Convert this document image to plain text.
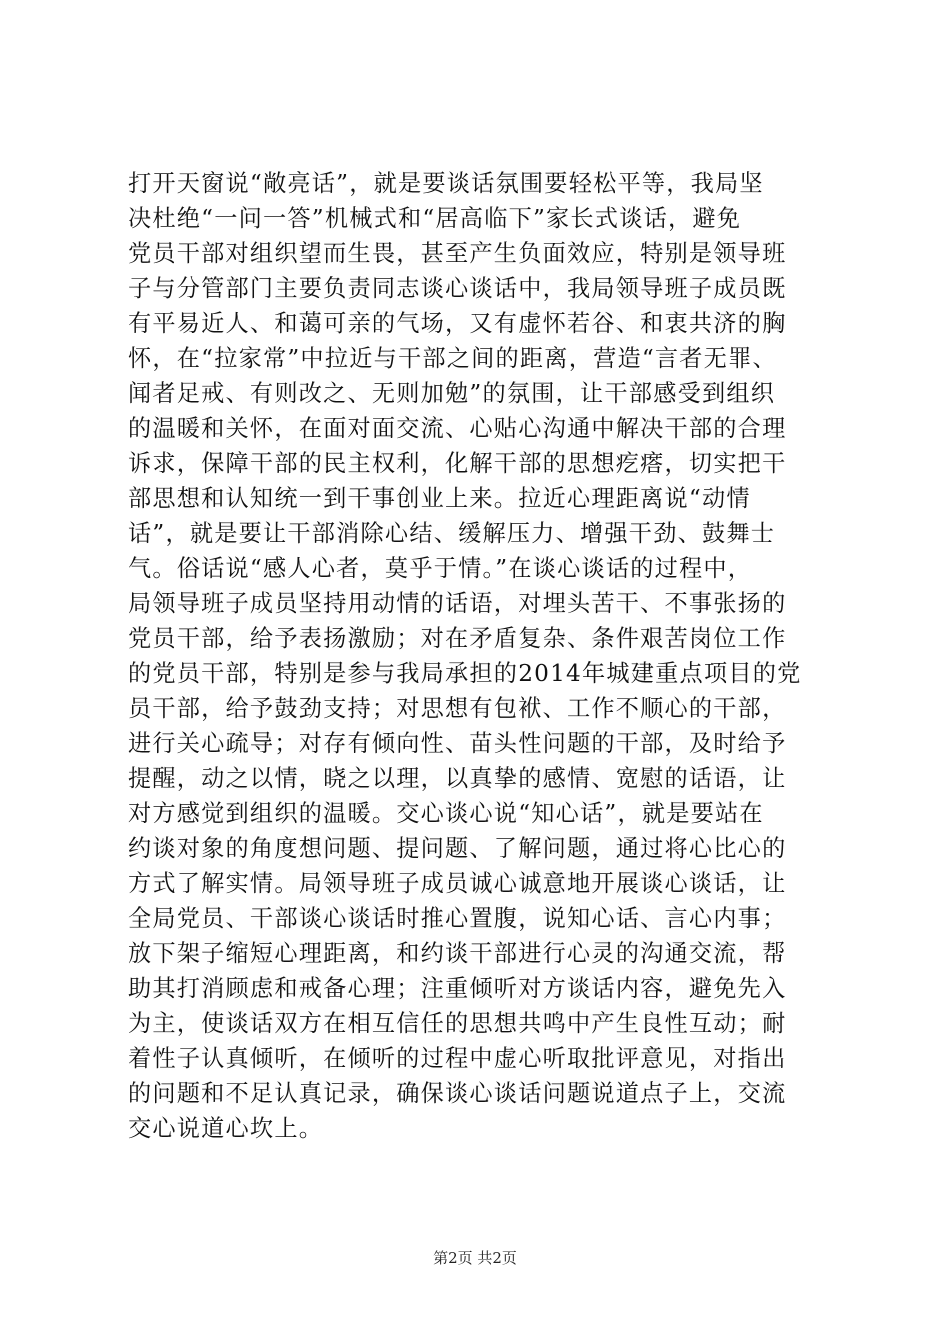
打开天窗说“敞亮话”，就是要谈话氛围要轻松平等，我局坚
决杜绝“一问一答”机械式和“居高临下”家长式谈话，避免
党员干部对组织望而生畏，甚至产生负面效应，特别是领导班
子与分管部门主要负责同志谈心谈话中，我局领导班子成员既
有平易近人、和蔼可亲的气场，又有虚怀若谷、和衷共济的胸
怀，在“拉家常”中拉近与干部之间的距离，营造“言者无罪、
闻者足戒、有则改之、无则加勉”的氛围，让干部感受到组织
的温暖和关怀，在面对面交流、心贴心沟通中解决干部的合理
诉求，保障干部的民主权利，化解干部的思想疙瘩，切实把干
部思想和认知统一到干事创业上来。拉近心理距离说“动情
话”，就是要让干部消除心结、缓解压力、增强干劲、鼓舞士
气。俗话说“感人心者，莫乎于情。”在谈心谈话的过程中，
局领导班子成员坚持用动情的话语，对埋头苦干、不事张扬的
党员干部，给予表扬激励；对在矛盾复杂、条件艰苦岗位工作
的党员干部，特别是参与我局承担的2014年城建重点项目的党
员干部，给予鼓劲支持；对思想有包袱、工作不顺心的干部，
进行关心疏导；对存有倾向性、苗头性问题的干部，及时给予
提醒，动之以情，晓之以理，以真挚的感情、宽慰的话语，让
对方感觉到组织的温暖。交心谈心说“知心话”，就是要站在
约谈对象的角度想问题、提问题、了解问题，通过将心比心的
方式了解实情。局领导班子成员诚心诚意地开展谈心谈话，让
全局党员、干部谈心谈话时推心置腹，说知心话、言心内事；
放下架子缩短心理距离，和约谈干部进行心灵的沟通交流，帮
助其打消顾虑和戒备心理；注重倾听对方谈话内容，避免先入
为主，使谈话双方在相互信任的思想共鸣中产生良性互动；耐
着性子认真倾听，在倾听的过程中虚心听取批评意见，对指出
的问题和不足认真记录，确保谈心谈话问题说道点子上，交流
交心说道心坎上。
第2页 共2页
